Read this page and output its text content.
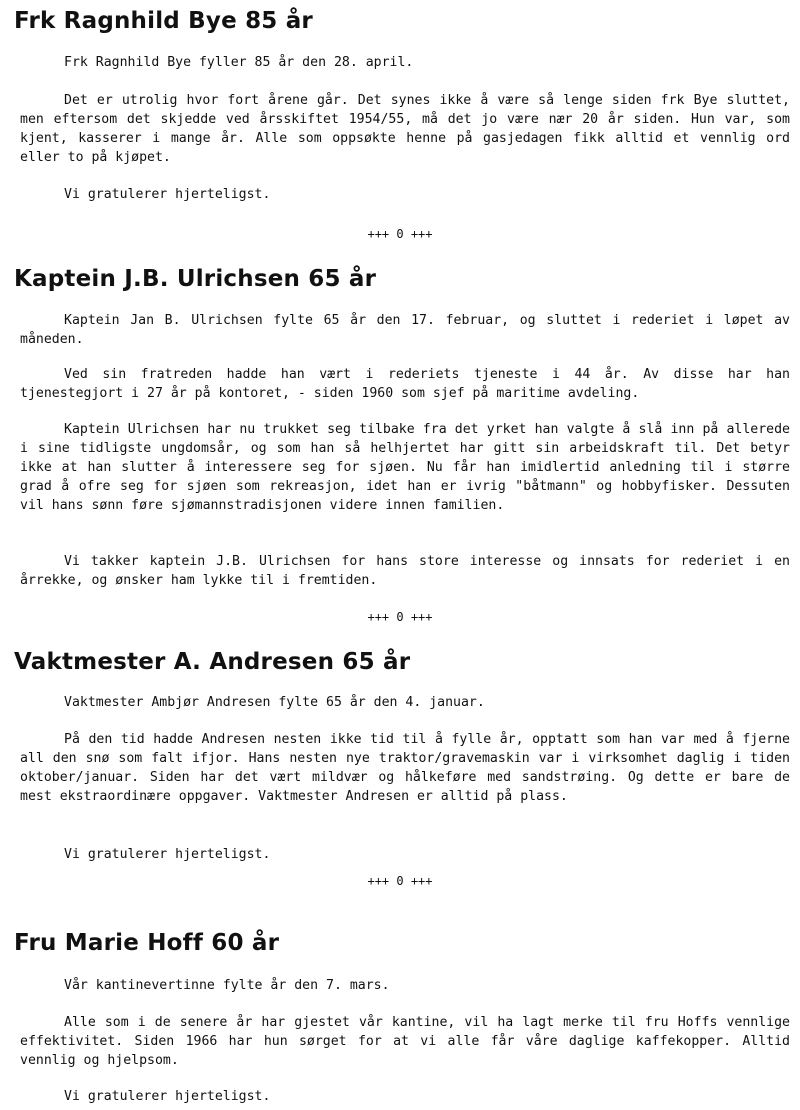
Frk Ragnhild Bye 85 år

Frk Ragnhild Bye fyller 85 år den 28. april.

Det er utrolig hvor fort årene går. Det synes ikke å være så lenge siden frk Bye sluttet, men eftersom det skjedde ved årsskiftet 1954/55, må det jo være nær 20 år siden. Hun var, som kjent, kasserer i mange år. Alle som oppsøkte henne på gasjedagen fikk alltid et vennlig ord eller to på kjøpet.

Vi gratulerer hjerteligst.

+++ 0 +++
Kaptein J.B. Ulrichsen 65 år

Kaptein Jan B. Ulrichsen fylte 65 år den 17. februar, og sluttet i rederiet i løpet av måneden.

Ved sin fratreden hadde han vært i rederiets tjeneste i 44 år. Av disse har han tjenestegjort i 27 år på kontoret, - siden 1960 som sjef på maritime avdeling.

Kaptein Ulrichsen har nu trukket seg tilbake fra det yrket han valgte å slå inn på allerede i sine tidligste ungdomsår, og som han så helhjertet har gitt sin arbeidskraft til. Det betyr ikke at han slutter å interessere seg for sjøen. Nu får han imidlertid anledning til i større grad å ofre seg for sjøen som rekreasjon, idet han er ivrig "båtmann" og hobbyfisker. Dessuten vil hans sønn føre sjømannstradisjonen videre innen familien.

Vi takker kaptein J.B. Ulrichsen for hans store interesse og innsats for rederiet i en årrekke, og ønsker ham lykke til i fremtiden.

+++ 0 +++
Vaktmester A. Andresen 65 år

Vaktmester Ambjør Andresen fylte 65 år den 4. januar.

På den tid hadde Andresen nesten ikke tid til å fylle år, opptatt som han var med å fjerne all den snø som falt ifjor. Hans nesten nye traktor/gravemaskin var i virksomhet daglig i tiden oktober/januar. Siden har det vært mildvær og hålkeføre med sandstrøing. Og dette er bare de mest ekstraordinære oppgaver. Vaktmester Andresen er alltid på plass.

Vi gratulerer hjerteligst.

+++ 0 +++
Fru Marie Hoff 60 år

Vår kantinevertinne fylte år den 7. mars.

Alle som i de senere år har gjestet vår kantine, vil ha lagt merke til fru Hoffs vennlige effektivitet. Siden 1966 har hun sørget for at vi alle får våre daglige kaffekopper. Alltid vennlig og hjelpsom.

Vi gratulerer hjerteligst.
